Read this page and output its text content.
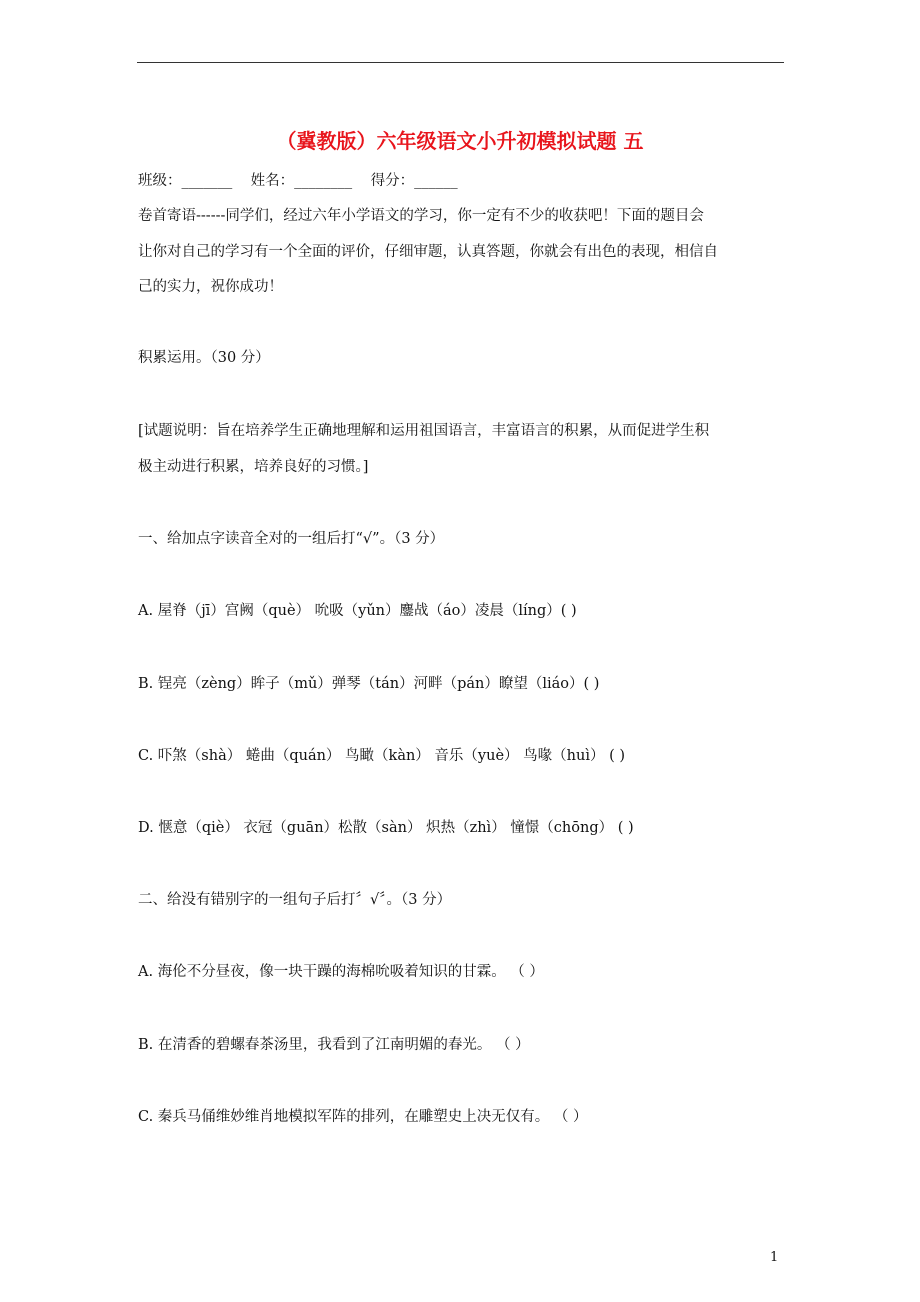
（冀教版）六年级语文小升初模拟试题 五
班级：_______    姓名：________    得分：______
卷首寄语------同学们，经过六年小学语文的学习，你一定有不少的收获吧！下面的题目会
让你对自己的学习有一个全面的评价，仔细审题，认真答题，你就会有出色的表现，相信自
己的实力，祝你成功！
积累运用。（30 分）
[试题说明：旨在培养学生正确地理解和运用祖国语言，丰富语言的积累，从而促进学生积
极主动进行积累，培养良好的习惯。]
一、给加点字读音全对的一组后打“√”。（3 分）
A. 屋脊（jī）宫阙（què） 吮吸（yǔn）鏖战（áo）凌晨（líng）( )
B. 锃亮（zèng）眸子（mǔ）弹琴（tán）河畔（pán）瞭望（liáo）( )
C. 吓煞（shà） 蜷曲（quán） 鸟瞰（kàn） 音乐（yuè） 鸟喙（huì） ( )
D. 惬意（qiè） 衣冠（guān）松散（sàn） 炽热（zhì） 憧憬（chōng） ( )
二、给没有错别字的一组句子后打〞√〞。（3 分）
A. 海伦不分昼夜，像一块干躁的海棉吮吸着知识的甘霖。 （ ）
B. 在清香的碧螺春茶汤里，我看到了江南明媚的春光。 （ ）
C. 秦兵马俑维妙维肖地模拟军阵的排列，在雕塑史上决无仅有。 （ ）
1
